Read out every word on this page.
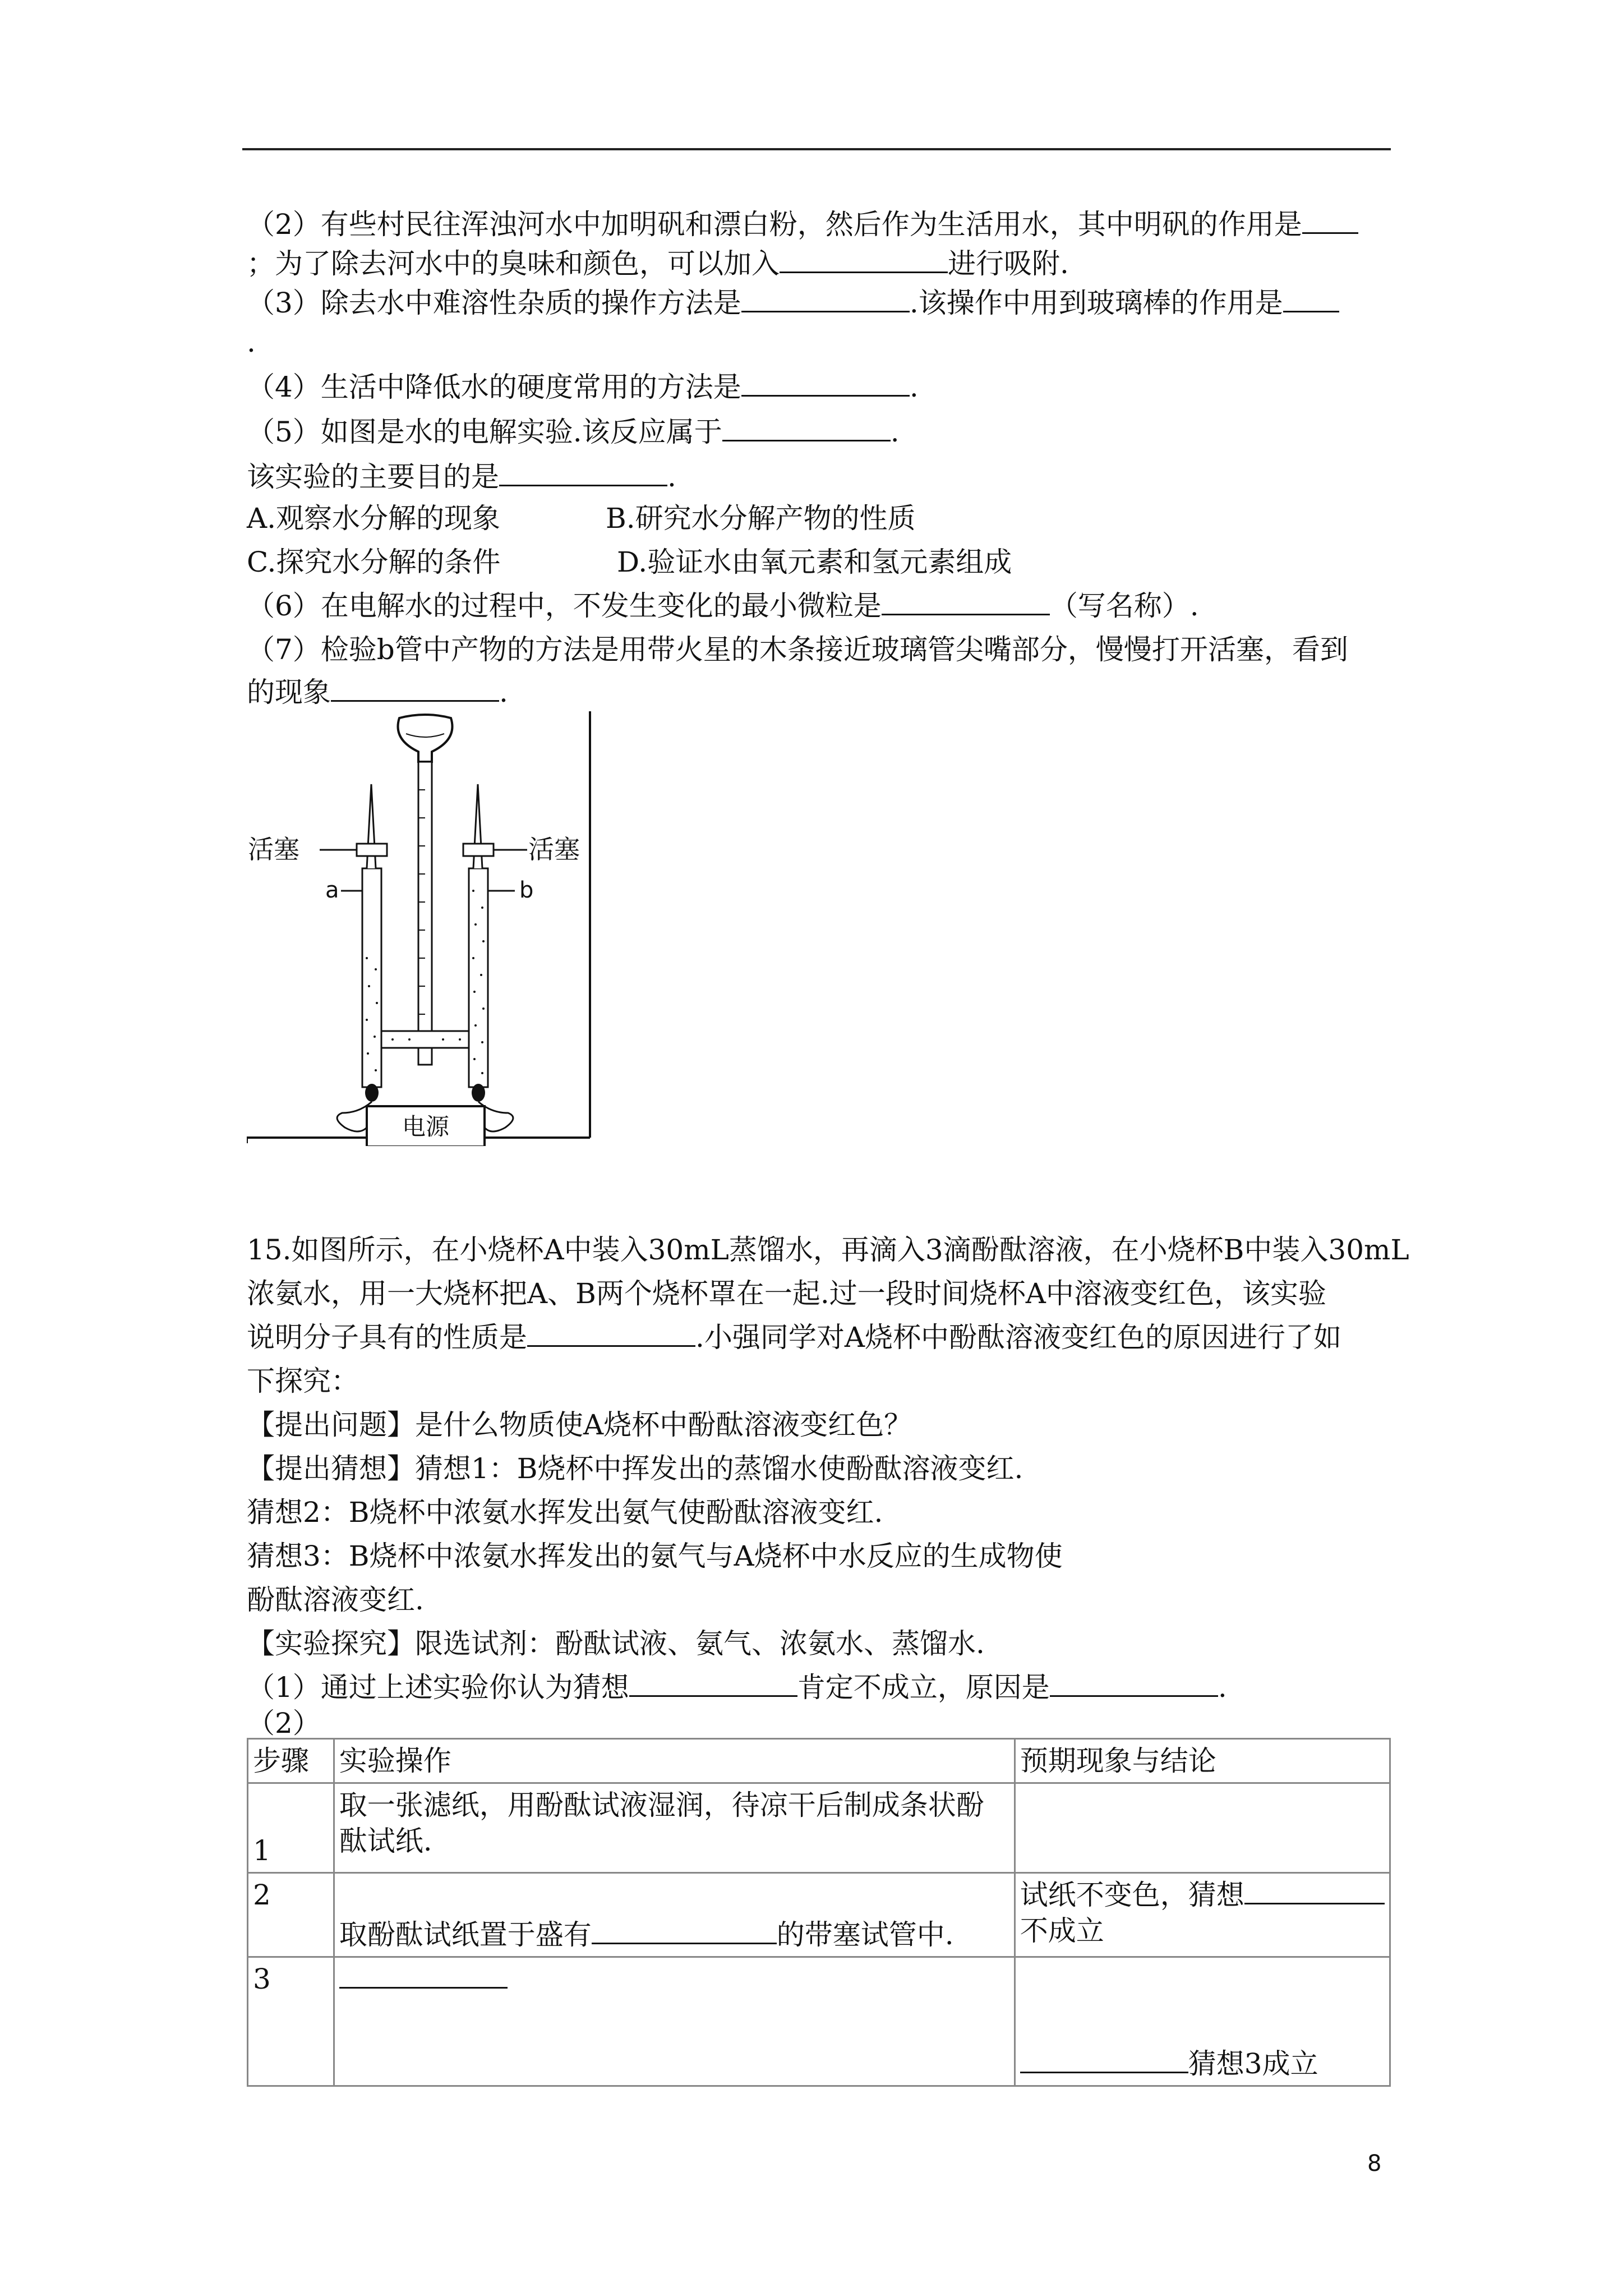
（2）有些村民往浑浊河水中加明矾和漂白粉，然后作为生活用水，其中明矾的作用是
；为了除去河水中的臭味和颜色，可以加入	进行吸附.
（3）除去水中难溶性杂质的操作方法是	.该操作中用到玻璃棒的作用是
.
（4）生活中降低水的硬度常用的方法是	.
（5）如图是水的电解实验.该反应属于	.
该实验的主要目的是	.
A.观察水分解的现象	B.研究水分解产物的性质
C.探究水分解的条件	D.验证水由氧元素和氢元素组成
（6）在电解水的过程中，不发生变化的最小微粒是	（写名称）.
（7）检验b管中产物的方法是用带火星的木条接近玻璃管尖嘴部分，慢慢打开活塞，看到
的现象	.
电源
活塞	活塞
a	b
15.如图所示，在小烧杯A中装入30mL蒸馏水，再滴入3滴酚酞溶液，在小烧杯B中装入30mL
浓氨水，用一大烧杯把A、B两个烧杯罩在一起.过一段时间烧杯A中溶液变红色，该实验
说明分子具有的性质是	.小强同学对A烧杯中酚酞溶液变红色的原因进行了如
下探究：
【提出问题】是什么物质使A烧杯中酚酞溶液变红色？
【提出猜想】猜想1：B烧杯中挥发出的蒸馏水使酚酞溶液变红.
猜想2：B烧杯中浓氨水挥发出氨气使酚酞溶液变红.
猜想3：B烧杯中浓氨水挥发出的氨气与A烧杯中水反应的生成物使
酚酞溶液变红.
【实验探究】限选试剂：酚酞试液、氨气、浓氨水、蒸馏水.
（1）通过上述实验你认为猜想	肯定不成立，原因是	.
（2）
步骤	实验操作	预期现象与结论
1	取一张滤纸，用酚酞试液湿润，待凉干后制成条状酚酞试纸.	
2	取酚酞试纸置于盛有 的带塞试管中.	试纸不变色，猜想
不成立
3		猜想3成立
8
